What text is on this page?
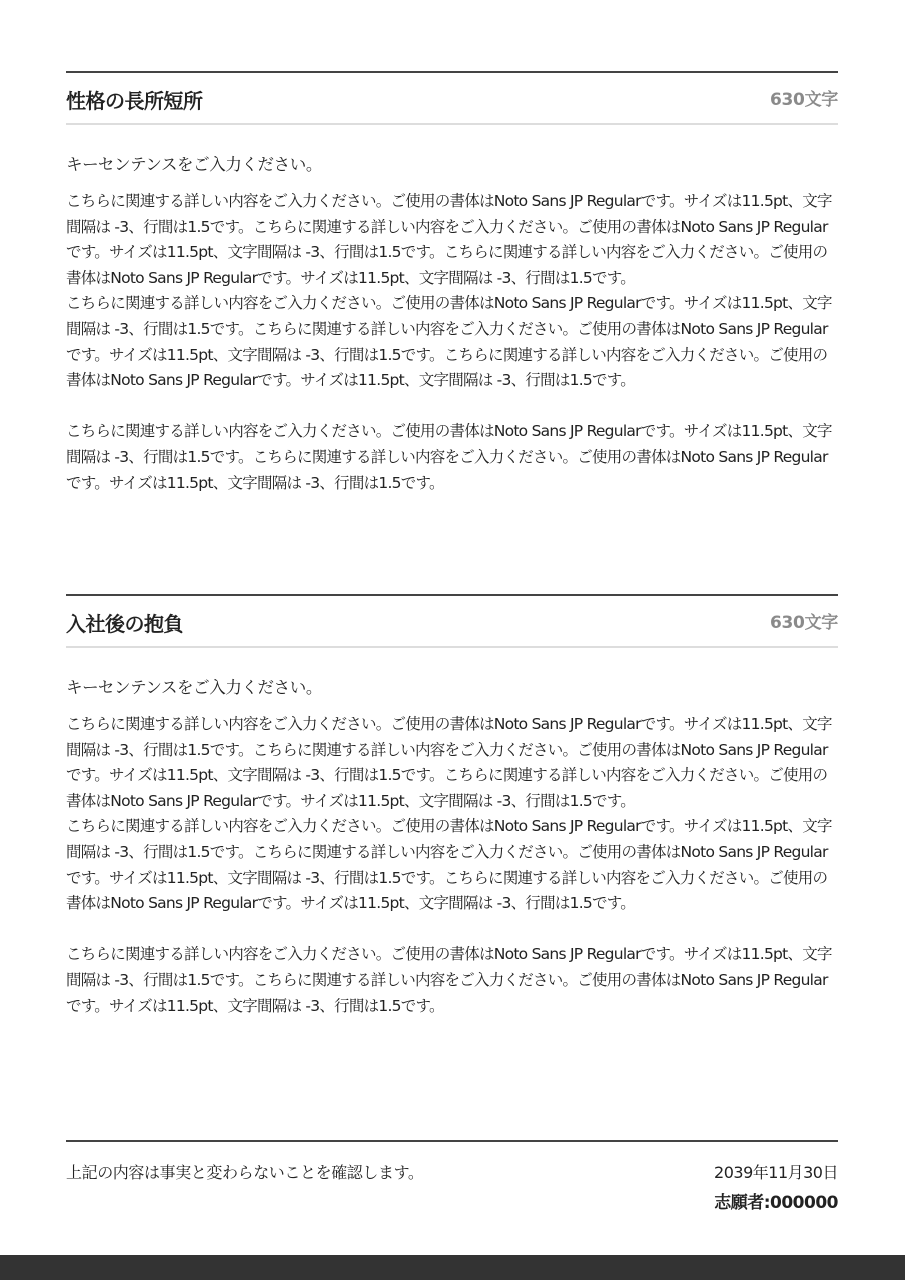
性格の長所短所	630文字
キーセンテンスをご入力ください。

こちらに関連する詳しい内容をご入力ください。ご使用の書体はNoto Sans JP Regularです。サイズは11.5pt、文字間隔は -3、行間は1.5です。こちらに関連する詳しい内容をご入力ください。ご使用の書体はNoto Sans JP Regularです。サイズは11.5pt、文字間隔は -3、行間は1.5です。こちらに関連する詳しい内容をご入力ください。ご使用の書体はNoto Sans JP Regularです。サイズは11.5pt、文字間隔は -3、行間は1.5です。

こちらに関連する詳しい内容をご入力ください。ご使用の書体はNoto Sans JP Regularです。サイズは11.5pt、文字間隔は -3、行間は1.5です。こちらに関連する詳しい内容をご入力ください。ご使用の書体はNoto Sans JP Regularです。サイズは11.5pt、文字間隔は -3、行間は1.5です。こちらに関連する詳しい内容をご入力ください。ご使用の書体はNoto Sans JP Regularです。サイズは11.5pt、文字間隔は -3、行間は1.5です。

こちらに関連する詳しい内容をご入力ください。ご使用の書体はNoto Sans JP Regularです。サイズは11.5pt、文字間隔は -3、行間は1.5です。こちらに関連する詳しい内容をご入力ください。ご使用の書体はNoto Sans JP Regularです。サイズは11.5pt、文字間隔は -3、行間は1.5です。

入社後の抱負	630文字
キーセンテンスをご入力ください。

こちらに関連する詳しい内容をご入力ください。ご使用の書体はNoto Sans JP Regularです。サイズは11.5pt、文字間隔は -3、行間は1.5です。こちらに関連する詳しい内容をご入力ください。ご使用の書体はNoto Sans JP Regularです。サイズは11.5pt、文字間隔は -3、行間は1.5です。こちらに関連する詳しい内容をご入力ください。ご使用の書体はNoto Sans JP Regularです。サイズは11.5pt、文字間隔は -3、行間は1.5です。

こちらに関連する詳しい内容をご入力ください。ご使用の書体はNoto Sans JP Regularです。サイズは11.5pt、文字間隔は -3、行間は1.5です。こちらに関連する詳しい内容をご入力ください。ご使用の書体はNoto Sans JP Regularです。サイズは11.5pt、文字間隔は -3、行間は1.5です。こちらに関連する詳しい内容をご入力ください。ご使用の書体はNoto Sans JP Regularです。サイズは11.5pt、文字間隔は -3、行間は1.5です。

こちらに関連する詳しい内容をご入力ください。ご使用の書体はNoto Sans JP Regularです。サイズは11.5pt、文字間隔は -3、行間は1.5です。こちらに関連する詳しい内容をご入力ください。ご使用の書体はNoto Sans JP Regularです。サイズは11.5pt、文字間隔は -3、行間は1.5です。

上記の内容は事実と変わらないことを確認します。	2039年11月30日
志願者:000000
